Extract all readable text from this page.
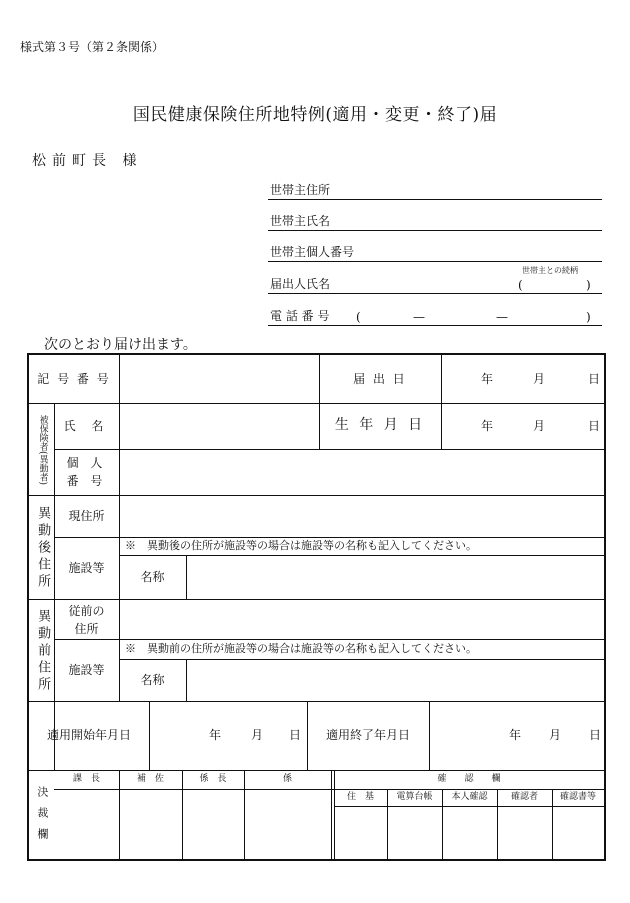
様式第３号（第２条関係）
国民健康保険住所地特例(適用・変更・終了)届
松前町長 様
世帯主住所
世帯主氏名
世帯主個人番号
世帯主との続柄
届出人氏名	(	)
電 話 番 号 (	—	—	)
次のとおり届け出ます。
記 号 番 号	届 出 日	年	月	日
被保険者(異動者)	氏 名	生 年 月 日	年	月	日
個 人
番 号
異動後住所	現住所
施設等
※　異動後の住所が施設等の場合は施設等の名称も記入してください。
名称
異動前住所	従前の
住所
施設等
※　異動前の住所が施設等の場合は施設等の名称も記入してください。
名称
適用開始年月日	年	月	日	適用終了年月日	年	月	日
決裁欄
課　長	補　佐	係　長	係	確　　認　　欄
住　基	電算台帳	本人確認	確認者	確認書等
